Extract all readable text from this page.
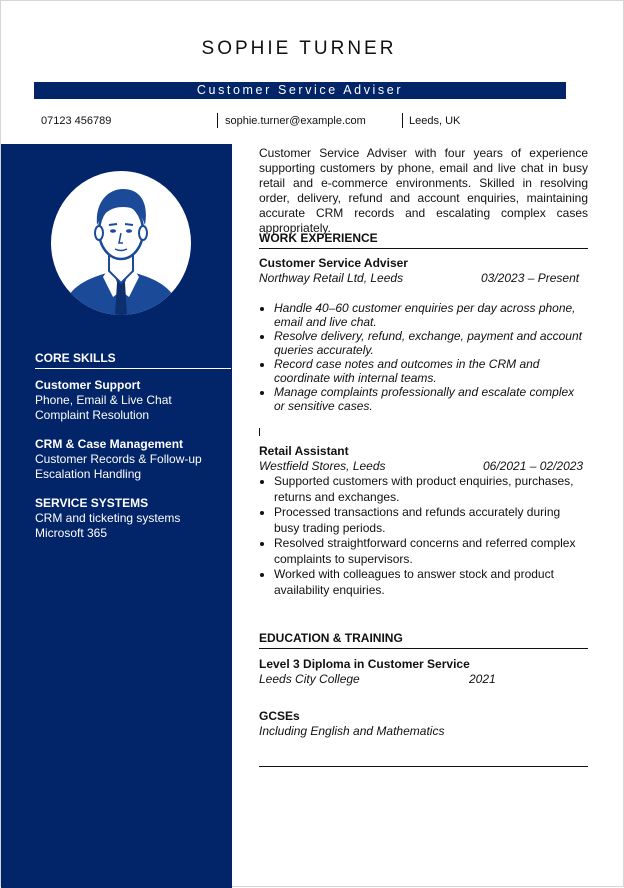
SOPHIE TURNER
Customer Service Adviser
07123 456789	sophie.turner@example.com	Leeds, UK
CORE SKILLS
Customer Support
Phone, Email & Live Chat
Complaint Resolution
CRM & Case Management
Customer Records & Follow-up
Escalation Handling
SERVICE SYSTEMS
CRM and ticketing systems
Microsoft 365
Customer Service Adviser with four years of experience supporting customers by phone, email and live chat in busy retail and e-commerce environments. Skilled in resolving order, delivery, refund and account enquiries, maintaining accurate CRM records and escalating complex cases appropriately.
WORK EXPERIENCE
Customer Service Adviser
Northway Retail Ltd, Leeds	03/2023 – Present
• Handle 40–60 customer enquiries per day across phone, email and live chat.
• Resolve delivery, refund, exchange, payment and account queries accurately.
• Record case notes and outcomes in the CRM and coordinate with internal teams.
• Manage complaints professionally and escalate complex or sensitive cases.
Retail Assistant
Westfield Stores, Leeds	06/2021 – 02/2023
• Supported customers with product enquiries, purchases, returns and exchanges.
• Processed transactions and refunds accurately during busy trading periods.
• Resolved straightforward concerns and referred complex complaints to supervisors.
• Worked with colleagues to answer stock and product availability enquiries.
EDUCATION & TRAINING
Level 3 Diploma in Customer Service
Leeds City College	2021
GCSEs
Including English and Mathematics
